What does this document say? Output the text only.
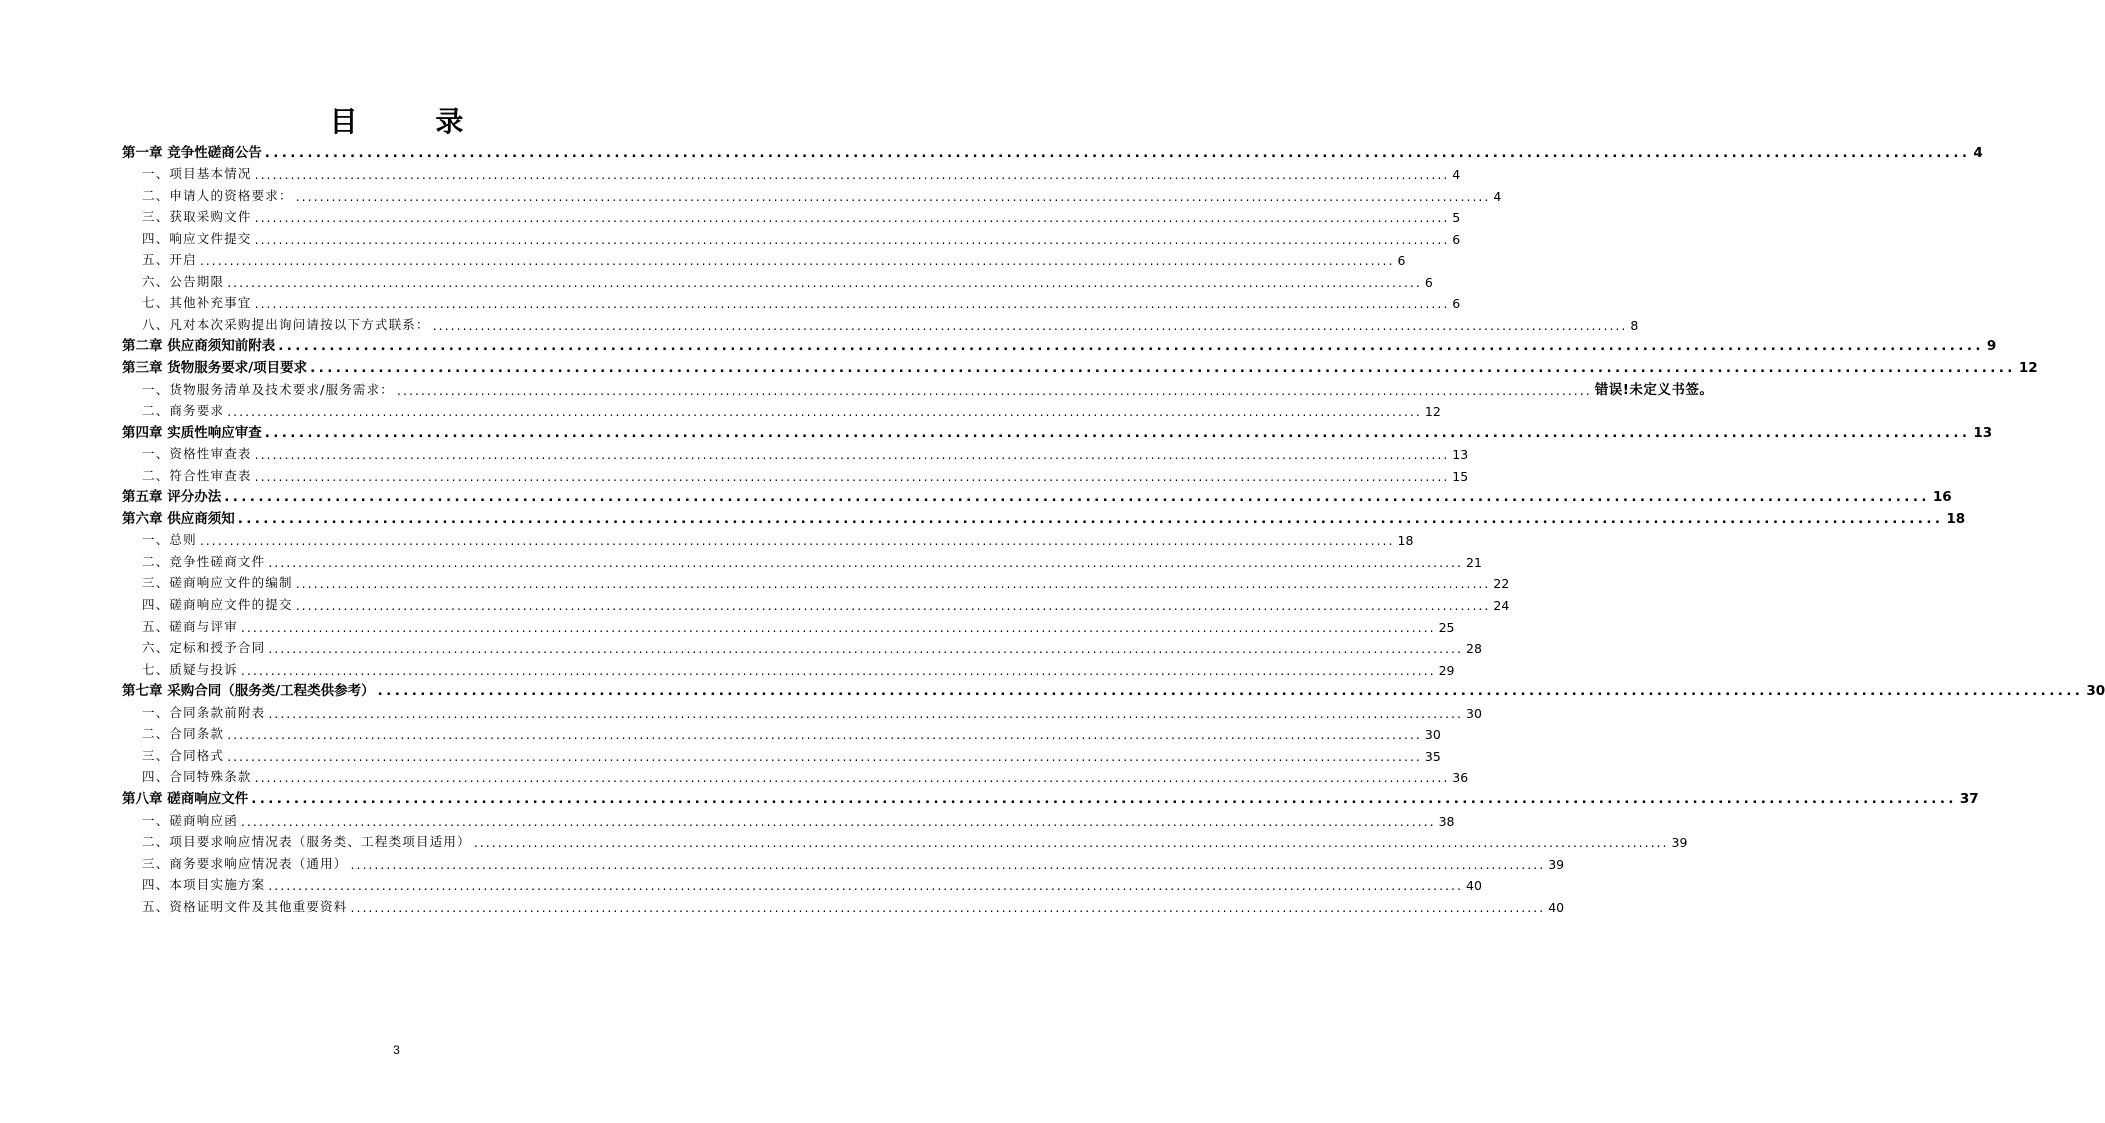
目 录
第一章 竞争性磋商公告 ........................................................................................................................................................................................................ 4
一、项目基本情况 ........................................................................................................................................................................................................ 4
二、申请人的资格要求： ........................................................................................................................................................................................................ 4
三、获取采购文件 ........................................................................................................................................................................................................ 5
四、响应文件提交 ........................................................................................................................................................................................................ 6
五、开启 ........................................................................................................................................................................................................ 6
六、公告期限 ........................................................................................................................................................................................................ 6
七、其他补充事宜 ........................................................................................................................................................................................................ 6
八、凡对本次采购提出询问请按以下方式联系： ........................................................................................................................................................................................................ 8
第二章 供应商须知前附表 ........................................................................................................................................................................................................ 9
第三章 货物服务要求/项目要求 ........................................................................................................................................................................................................ 12
一、货物服务清单及技术要求/服务需求： ........................................................................................................................................................................................................ 错误!未定义书签。
二、商务要求 ........................................................................................................................................................................................................ 12
第四章 实质性响应审查 ........................................................................................................................................................................................................ 13
一、资格性审查表 ........................................................................................................................................................................................................ 13
二、符合性审查表 ........................................................................................................................................................................................................ 15
第五章 评分办法 ........................................................................................................................................................................................................ 16
第六章 供应商须知 ........................................................................................................................................................................................................ 18
一、总则 ........................................................................................................................................................................................................ 18
二、竞争性磋商文件 ........................................................................................................................................................................................................ 21
三、磋商响应文件的编制 ........................................................................................................................................................................................................ 22
四、磋商响应文件的提交 ........................................................................................................................................................................................................ 24
五、磋商与评审 ........................................................................................................................................................................................................ 25
六、定标和授予合同 ........................................................................................................................................................................................................ 28
七、质疑与投诉 ........................................................................................................................................................................................................ 29
第七章 采购合同（服务类/工程类供参考） ........................................................................................................................................................................................................ 30
一、合同条款前附表 ........................................................................................................................................................................................................ 30
二、合同条款 ........................................................................................................................................................................................................ 30
三、合同格式 ........................................................................................................................................................................................................ 35
四、合同特殊条款 ........................................................................................................................................................................................................ 36
第八章 磋商响应文件 ........................................................................................................................................................................................................ 37
一、磋商响应函 ........................................................................................................................................................................................................ 38
二、项目要求响应情况表（服务类、工程类项目适用） ........................................................................................................................................................................................................ 39
三、商务要求响应情况表（通用） ........................................................................................................................................................................................................ 39
四、本项目实施方案 ........................................................................................................................................................................................................ 40
五、资格证明文件及其他重要资料 ........................................................................................................................................................................................................ 40
3
